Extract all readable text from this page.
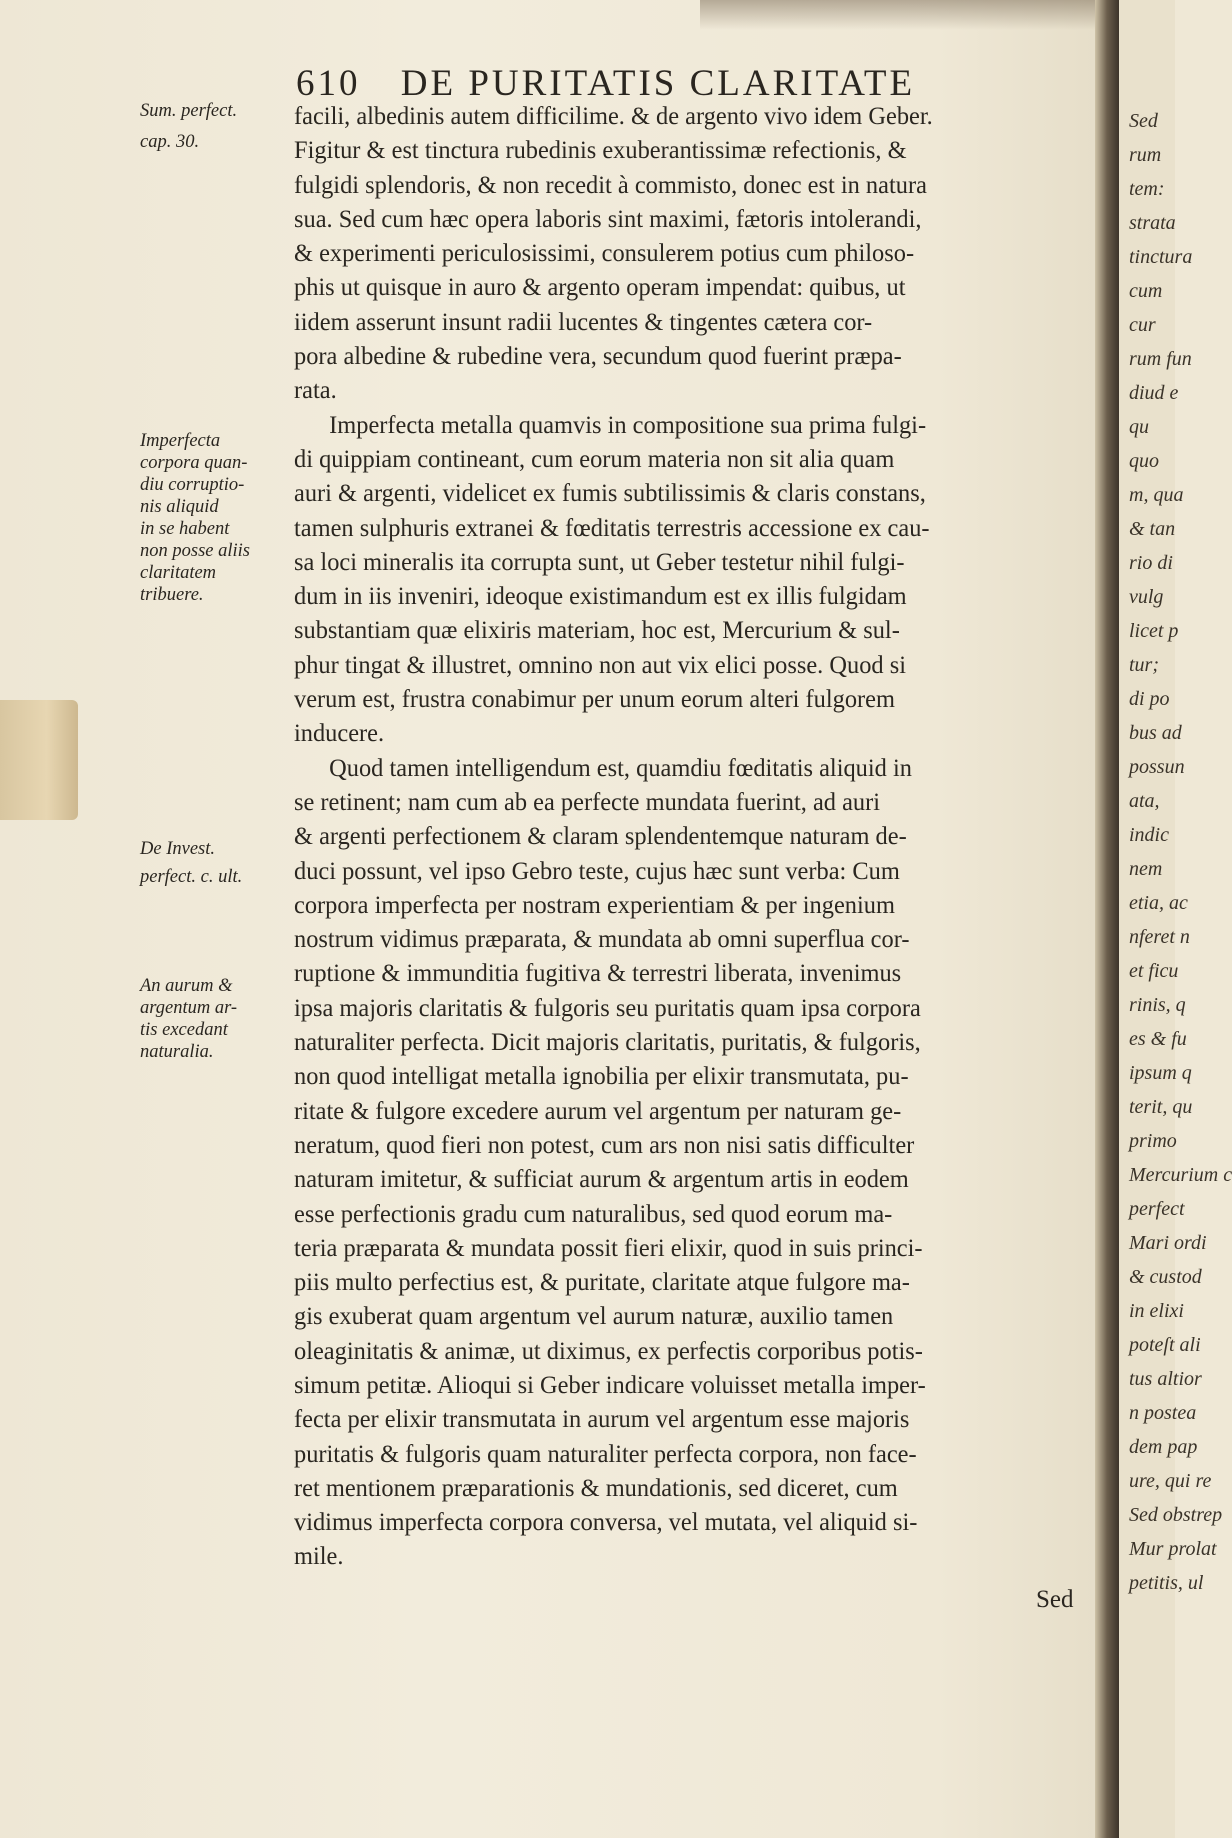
610 DE PURITATIS CLARITATE
Sum. perfect.
cap. 30.
Imperfecta
corpora quan-
diu corruptio-
nis aliquid
in se habent
non posse aliis
claritatem
tribuere.
De Invest.
perfect. c. ult.
An aurum &
argentum ar-
tis excedant
naturalia.
facili, albedinis autem difficilime. & de argento vivo idem Geber.
Figitur & est tinctura rubedinis exuberantissimæ refectionis, &
fulgidi splendoris, & non recedit à commisto, donec est in natura
sua. Sed cum hæc opera laboris sint maximi, fætoris intolerandi,
& experimenti periculosissimi, consulerem potius cum philoso-
phis ut quisque in auro & argento operam impendat: quibus, ut
iidem asserunt insunt radii lucentes & tingentes cætera cor-
pora albedine & rubedine vera, secundum quod fuerint præpa-
rata.
Imperfecta metalla quamvis in compositione sua prima fulgi-
di quippiam contineant, cum eorum materia non sit alia quam
auri & argenti, videlicet ex fumis subtilissimis & claris constans,
tamen sulphuris extranei & fœditatis terrestris accessione ex cau-
sa loci mineralis ita corrupta sunt, ut Geber testetur nihil fulgi-
dum in iis inveniri, ideoque existimandum est ex illis fulgidam
substantiam quæ elixiris materiam, hoc est, Mercurium & sul-
phur tingat & illustret, omnino non aut vix elici posse. Quod si
verum est, frustra conabimur per unum eorum alteri fulgorem
inducere.
Quod tamen intelligendum est, quamdiu fœditatis aliquid in
se retinent; nam cum ab ea perfecte mundata fuerint, ad auri
& argenti perfectionem & claram splendentemque naturam de-
duci possunt, vel ipso Gebro teste, cujus hæc sunt verba: Cum
corpora imperfecta per nostram experientiam & per ingenium
nostrum vidimus præparata, & mundata ab omni superflua cor-
ruptione & immunditia fugitiva & terrestri liberata, invenimus
ipsa majoris claritatis & fulgoris seu puritatis quam ipsa corpora
naturaliter perfecta. Dicit majoris claritatis, puritatis, & fulgoris,
non quod intelligat metalla ignobilia per elixir transmutata, pu-
ritate & fulgore excedere aurum vel argentum per naturam ge-
neratum, quod fieri non potest, cum ars non nisi satis difficulter
naturam imitetur, & sufficiat aurum & argentum artis in eodem
esse perfectionis gradu cum naturalibus, sed quod eorum ma-
teria præparata & mundata possit fieri elixir, quod in suis princi-
piis multo perfectius est, & puritate, claritate atque fulgore ma-
gis exuberat quam argentum vel aurum naturæ, auxilio tamen
oleaginitatis & animæ, ut diximus, ex perfectis corporibus potis-
simum petitæ. Alioqui si Geber indicare voluisset metalla imper-
fecta per elixir transmutata in aurum vel argentum esse majoris
puritatis & fulgoris quam naturaliter perfecta corpora, non face-
ret mentionem præparationis & mundationis, sed diceret, cum
vidimus imperfecta corpora conversa, vel mutata, vel aliquid si-
mile.
Sed
Sed
rum
tem:
strata
tinctura
cum
cur
rum fun
diud e
qu
quo
m, qua
& tan
rio di
vulg
licet p
tur;
di po
bus ad
possun
ata,
indic
nem
etia, ac
nferet n
et ficu
rinis, q
es & fu
ipsum q
terit, qu
primo
Mercurium c
perfect
Mari ordi
& custod
in elixi
poteſt ali
tus altior
n postea
dem pap
ure, qui re
Sed obstrep
Mur prolat
petitis, ul
